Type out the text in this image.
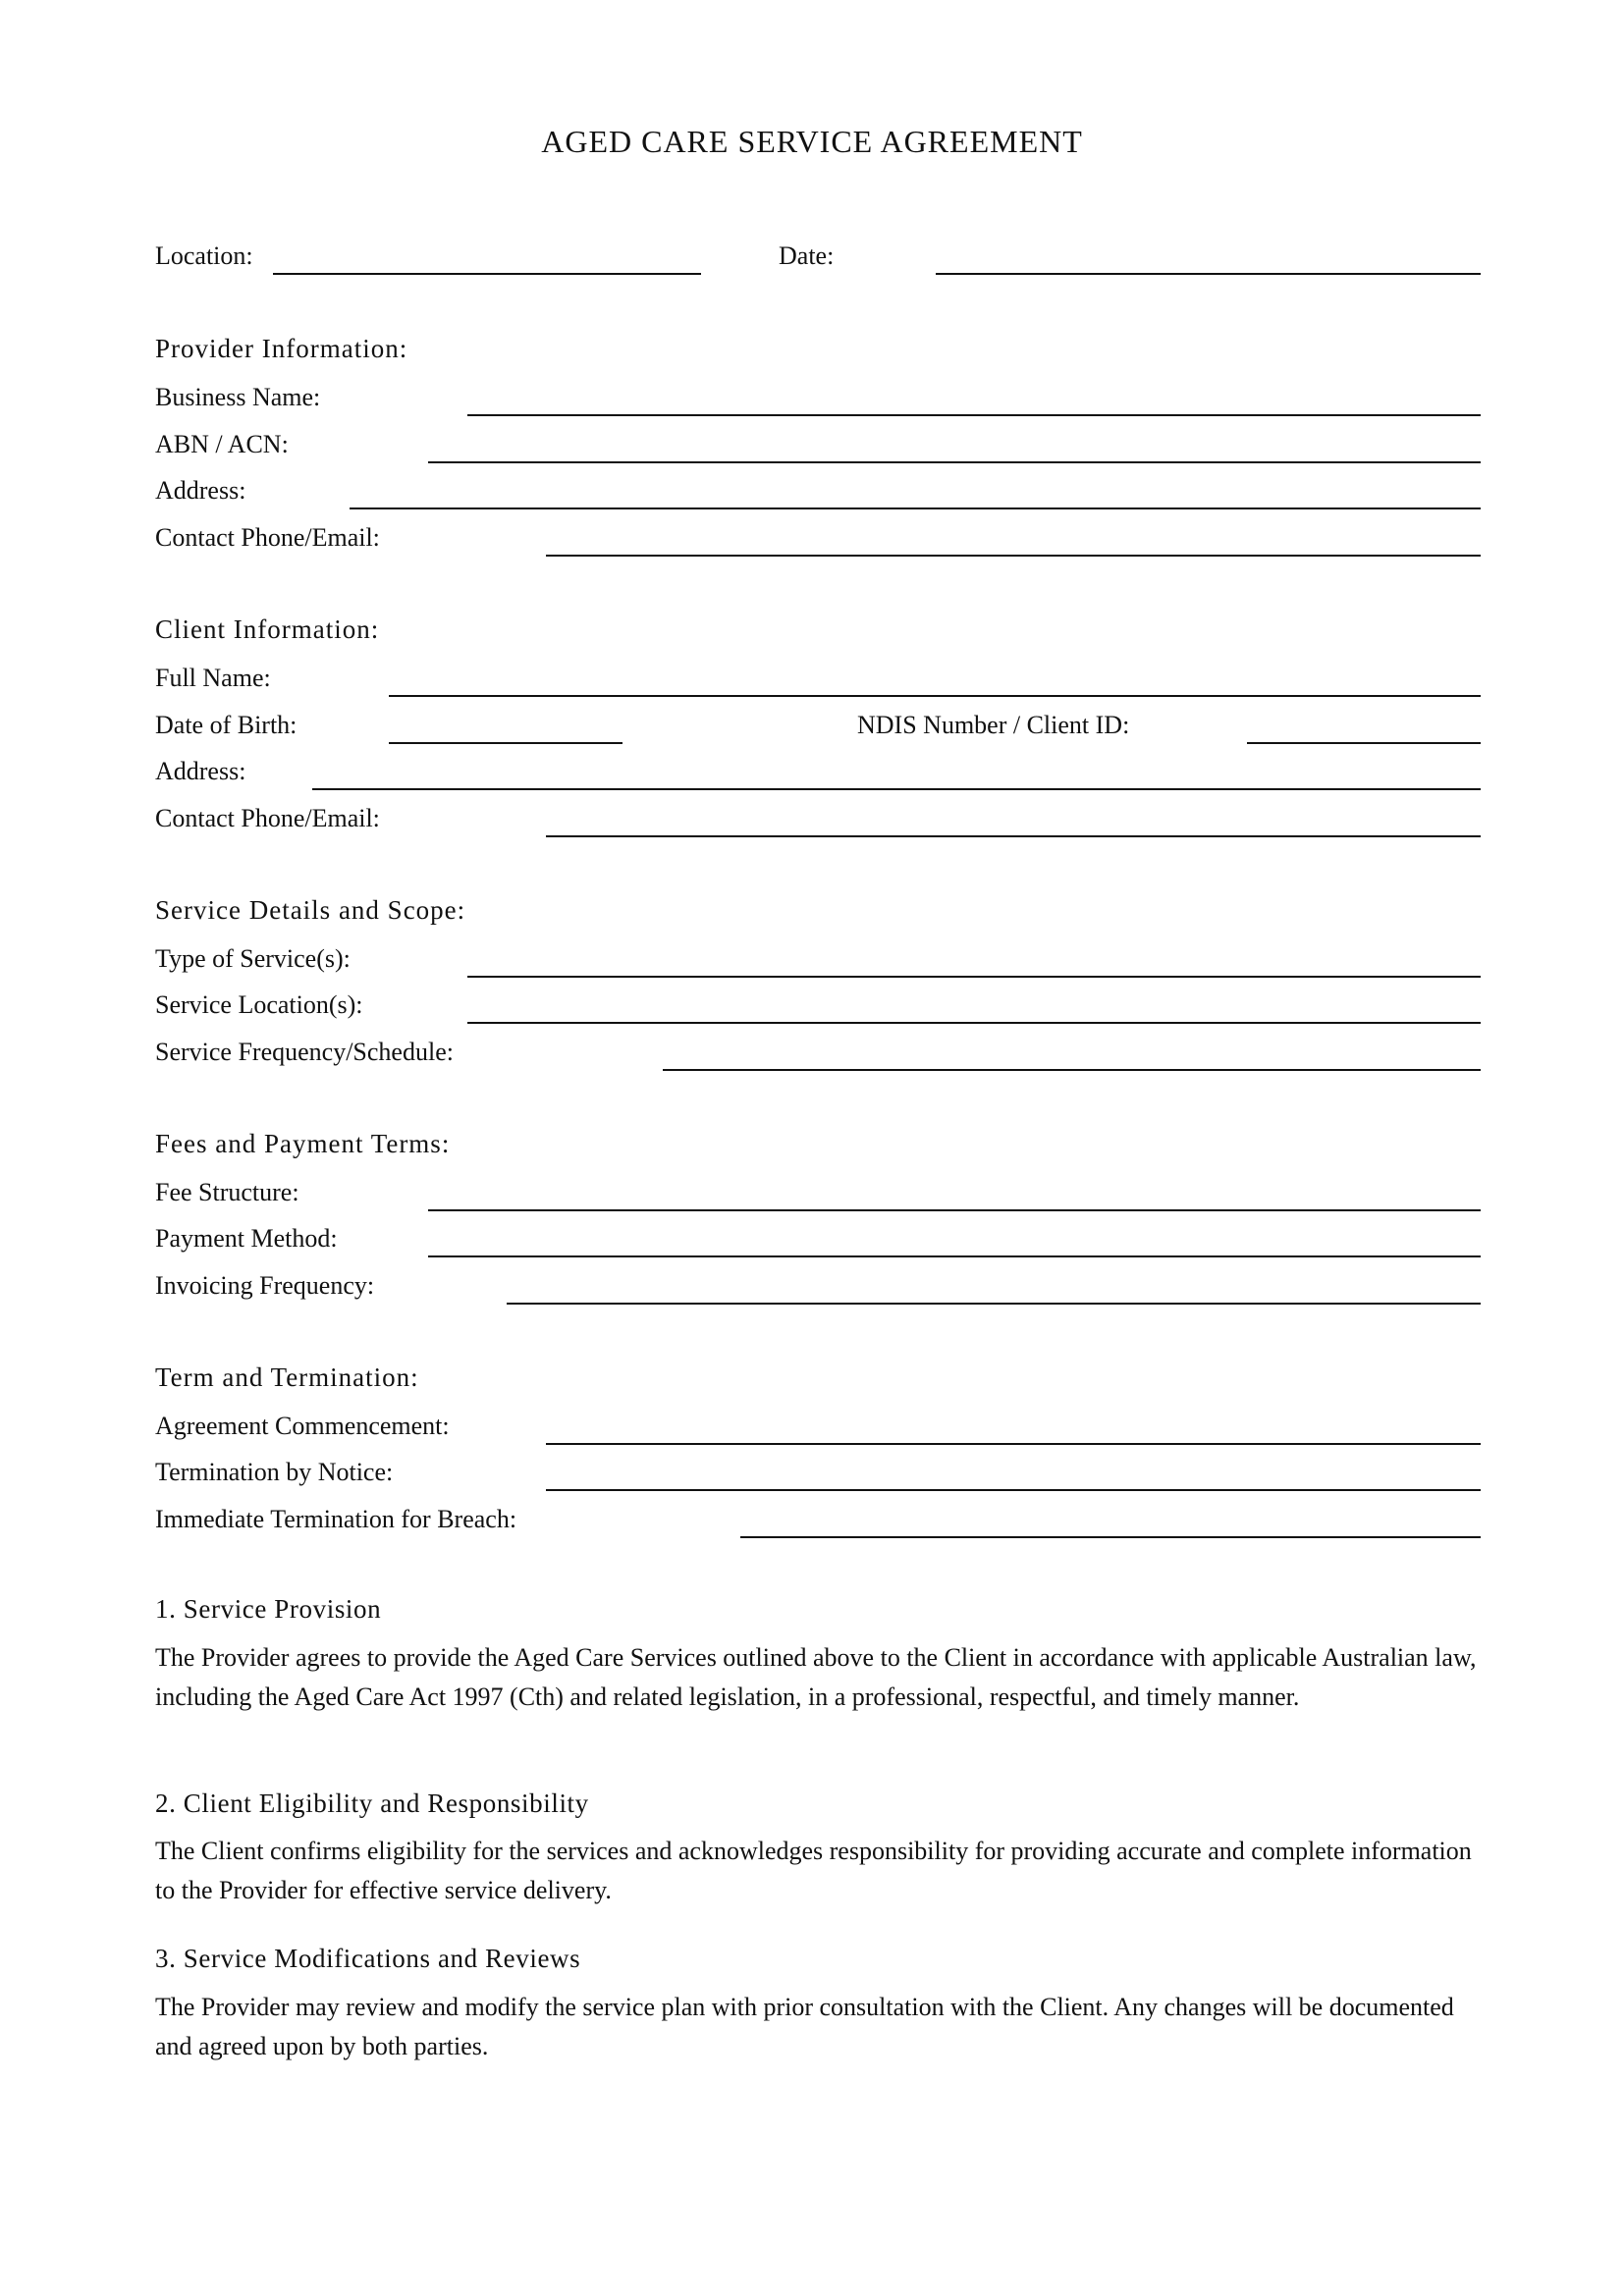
AGED CARE SERVICE AGREEMENT
Location:	Date:
Provider Information:
Business Name:
ABN / ACN:
Address:
Contact Phone/Email:
Client Information:
Full Name:
Date of Birth:	NDIS Number / Client ID:
Address:
Contact Phone/Email:
Service Details and Scope:
Type of Service(s):
Service Location(s):
Service Frequency/Schedule:
Fees and Payment Terms:
Fee Structure:
Payment Method:
Invoicing Frequency:
Term and Termination:
Agreement Commencement:
Termination by Notice:
Immediate Termination for Breach:
1. Service Provision
The Provider agrees to provide the Aged Care Services outlined above to the Client in accordance with applicable Australian law, including the Aged Care Act 1997 (Cth) and related legislation, in a professional, respectful, and timely manner.
2. Client Eligibility and Responsibility
The Client confirms eligibility for the services and acknowledges responsibility for providing accurate and complete information to the Provider for effective service delivery.
3. Service Modifications and Reviews
The Provider may review and modify the service plan with prior consultation with the Client. Any changes will be documented and agreed upon by both parties.
